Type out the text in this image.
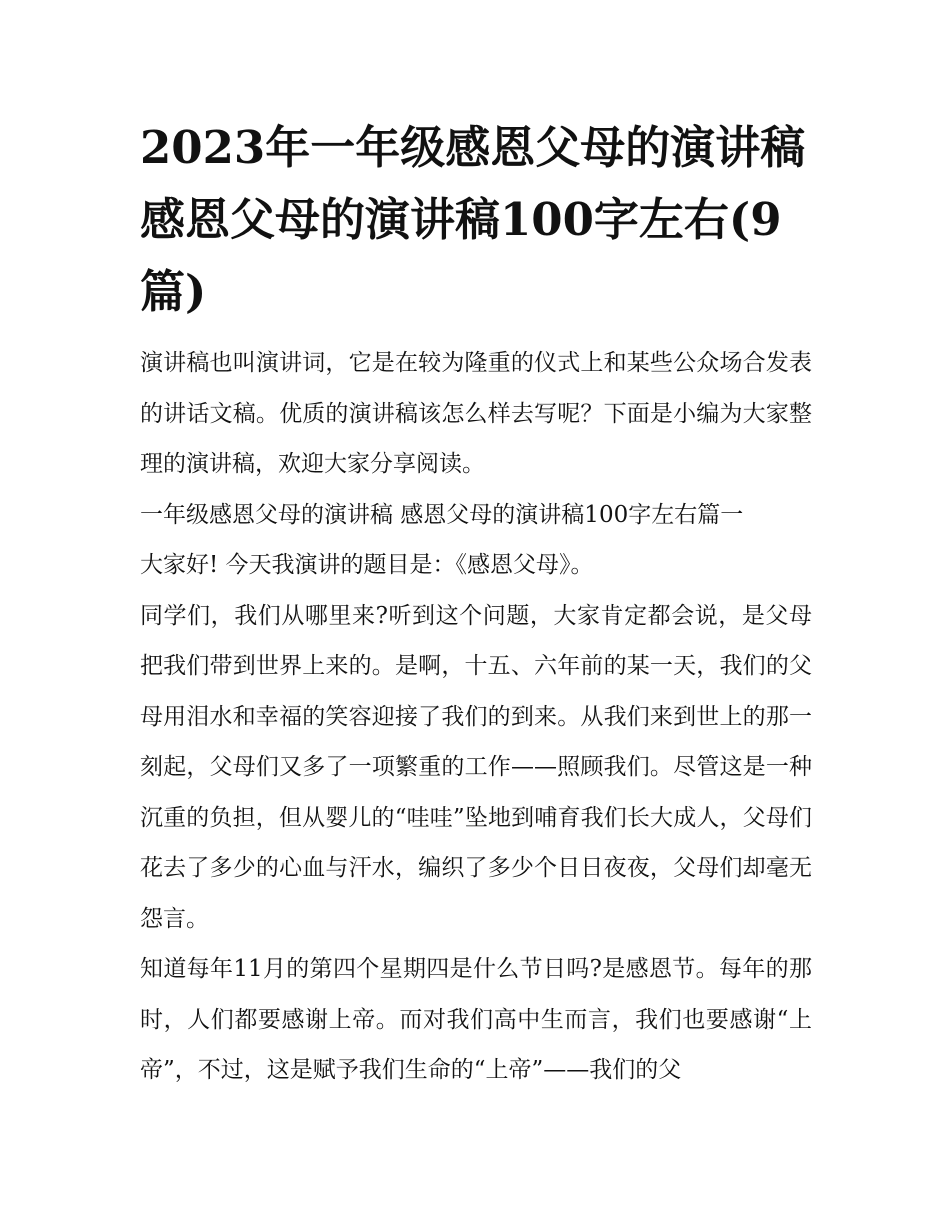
2023年一年级感恩父母的演讲稿 感恩父母的演讲稿100字左右(9篇)

演讲稿也叫演讲词，它是在较为隆重的仪式上和某些公众场合发表的讲话文稿。优质的演讲稿该怎么样去写呢？下面是小编为大家整理的演讲稿，欢迎大家分享阅读。

一年级感恩父母的演讲稿 感恩父母的演讲稿100字左右篇一

大家好! 今天我演讲的题目是：《感恩父母》。

同学们，我们从哪里来?听到这个问题，大家肯定都会说，是父母把我们带到世界上来的。是啊，十五、六年前的某一天，我们的父母用泪水和幸福的笑容迎接了我们的到来。从我们来到世上的那一刻起，父母们又多了一项繁重的工作——照顾我们。尽管这是一种沉重的负担，但从婴儿的“哇哇”坠地到哺育我们长大成人，父母们花去了多少的心血与汗水，编织了多少个日日夜夜，父母们却毫无怨言。

知道每年11月的第四个星期四是什么节日吗?是感恩节。每年的那时，人们都要感谢上帝。而对我们高中生而言，我们也要感谢“上帝”，不过，这是赋予我们生命的“上帝”——我们的父
